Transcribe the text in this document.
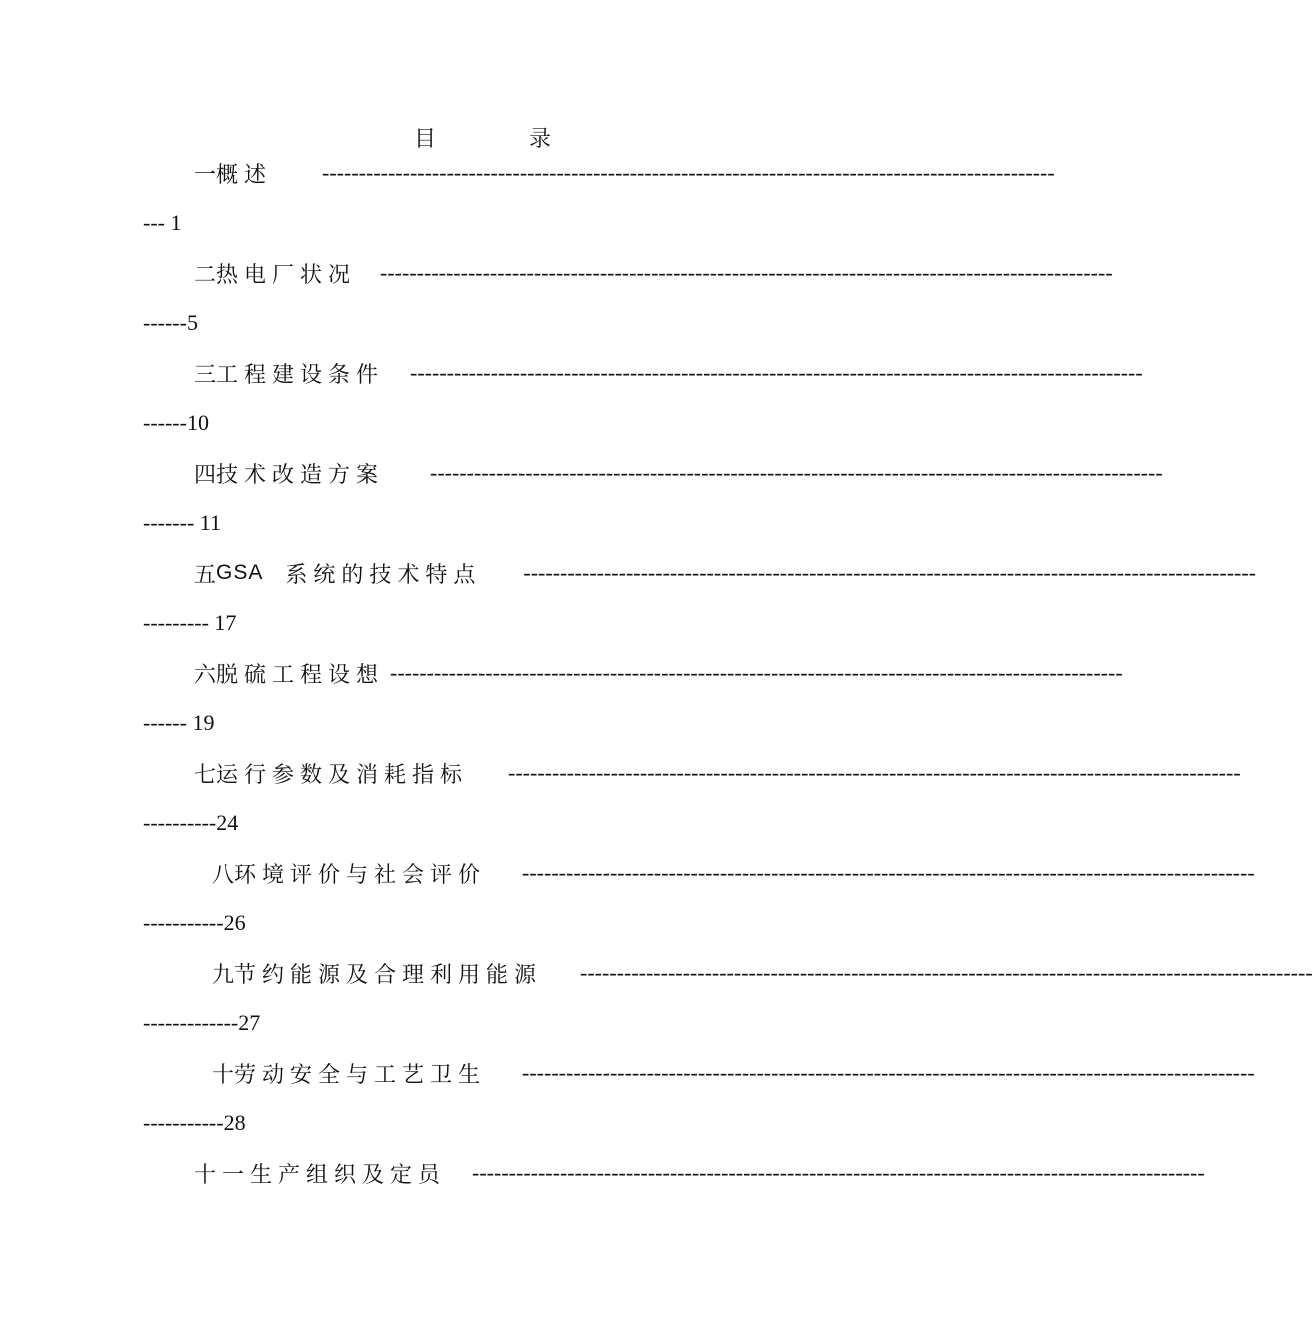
目	录
一 概述 ----------------------------------------------------------------------------------------------------
--- 1
二 热电厂状况 ----------------------------------------------------------------------------------------------------
------5
三 工程建设条件 ----------------------------------------------------------------------------------------------------
------10
四 技术改造方案 ----------------------------------------------------------------------------------------------------
------- 11
五 GSA 系统的技术特点 ----------------------------------------------------------------------------------------------------
--------- 17
六 脱硫工程设想 ----------------------------------------------------------------------------------------------------
------ 19
七 运行参数及消耗指标 ----------------------------------------------------------------------------------------------------
----------24
八 环境评价与社会评价 ----------------------------------------------------------------------------------------------------
-----------26
九 节约能源及合理利用能源 ----------------------------------------------------------------------------------------------------
-------------27
十 劳动安全与工艺卫生 ----------------------------------------------------------------------------------------------------
-----------28
十一 生产组织及定员 ----------------------------------------------------------------------------------------------------
